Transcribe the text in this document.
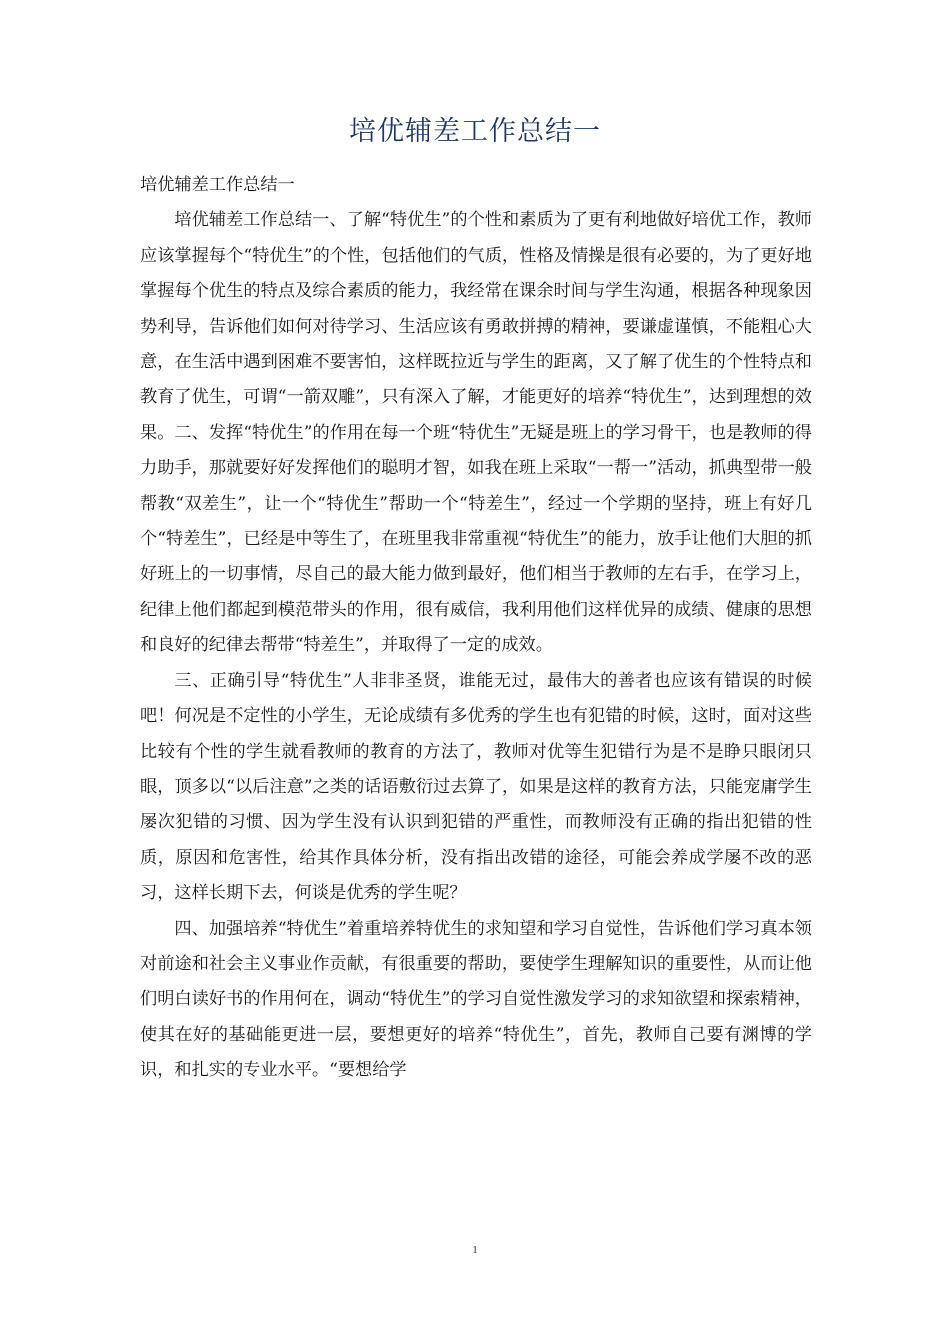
培优辅差工作总结一

培优辅差工作总结一

培优辅差工作总结一、了解“特优生”的个性和素质为了更有利地做好培优工作，教师应该掌握每个“特优生”的个性，包括他们的气质，性格及情操是很有必要的，为了更好地掌握每个优生的特点及综合素质的能力，我经常在课余时间与学生沟通，根据各种现象因势利导，告诉他们如何对待学习、生活应该有勇敢拼搏的精神，要谦虚谨慎，不能粗心大意，在生活中遇到困难不要害怕，这样既拉近与学生的距离，又了解了优生的个性特点和教育了优生，可谓“一箭双雕”，只有深入了解，才能更好的培养“特优生”，达到理想的效果。二、发挥“特优生”的作用在每一个班“特优生”无疑是班上的学习骨干，也是教师的得力助手，那就要好好发挥他们的聪明才智，如我在班上采取“一帮一”活动，抓典型带一般帮教“双差生”，让一个“特优生”帮助一个“特差生”，经过一个学期的坚持，班上有好几个“特差生”，已经是中等生了，在班里我非常重视“特优生”的能力，放手让他们大胆的抓好班上的一切事情，尽自己的最大能力做到最好，他们相当于教师的左右手，在学习上，纪律上他们都起到模范带头的作用，很有威信，我利用他们这样优异的成绩、健康的思想和良好的纪律去帮带“特差生”，并取得了一定的成效。

三、正确引导“特优生”人非非圣贤，谁能无过，最伟大的善者也应该有错误的时候吧！何况是不定性的小学生，无论成绩有多优秀的学生也有犯错的时候，这时，面对这些比较有个性的学生就看教师的教育的方法了，教师对优等生犯错行为是不是睁只眼闭只眼，顶多以“以后注意”之类的话语敷衍过去算了，如果是这样的教育方法，只能宠庸学生屡次犯错的习惯、因为学生没有认识到犯错的严重性，而教师没有正确的指出犯错的性质，原因和危害性，给其作具体分析，没有指出改错的途径，可能会养成学屡不改的恶习，这样长期下去，何谈是优秀的学生呢？

四、加强培养“特优生”着重培养特优生的求知望和学习自觉性，告诉他们学习真本领对前途和社会主义事业作贡献，有很重要的帮助，要使学生理解知识的重要性，从而让他们明白读好书的作用何在，调动“特优生”的学习自觉性激发学习的求知欲望和探索精神，使其在好的基础能更进一层，要想更好的培养“特优生”，首先，教师自己要有渊博的学识，和扎实的专业水平。“要想给学

1
